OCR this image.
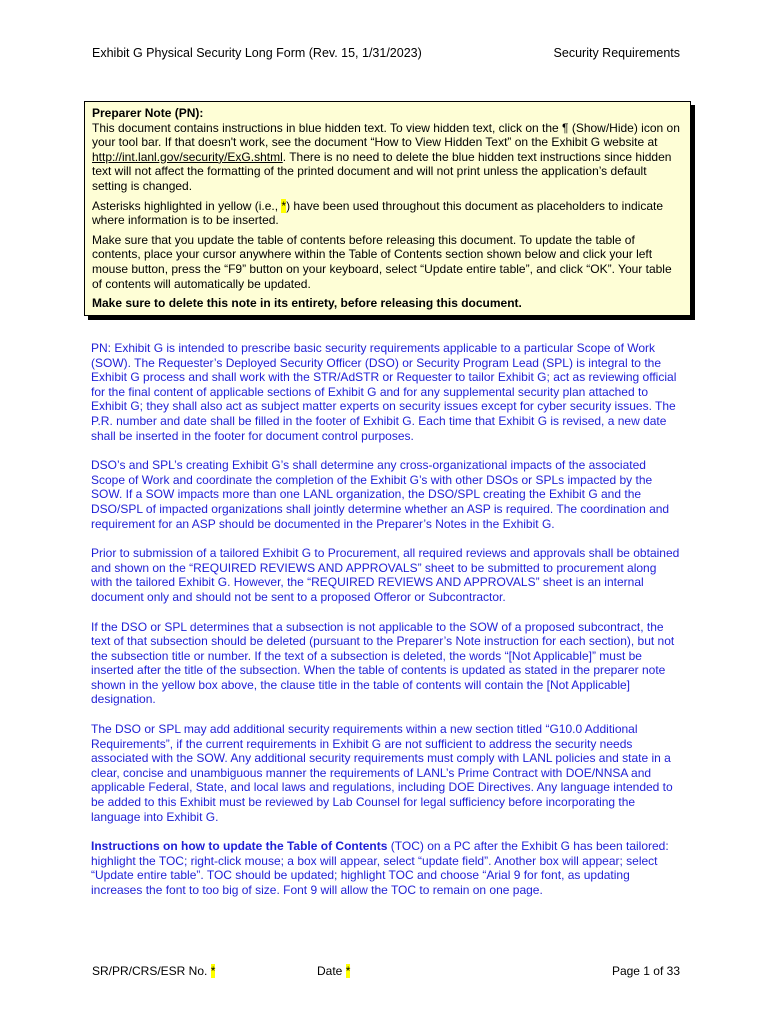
Exhibit G Physical Security Long Form (Rev. 15, 1/31/2023)	Security Requirements

Preparer Note (PN):

This document contains instructions in blue hidden text. To view hidden text, click on the ¶ (Show/Hide) icon on your tool bar. If that doesn't work, see the document “How to View Hidden Text” on the Exhibit G website at http://int.lanl.gov/security/ExG.shtml. There is no need to delete the blue hidden text instructions since hidden text will not affect the formatting of the printed document and will not print unless the application’s default setting is changed.

Asterisks highlighted in yellow (i.e., *) have been used throughout this document as placeholders to indicate where information is to be inserted.

Make sure that you update the table of contents before releasing this document. To update the table of contents, place your cursor anywhere within the Table of Contents section shown below and click your left mouse button, press the “F9” button on your keyboard, select “Update entire table”, and click “OK”. Your table of contents will automatically be updated.

Make sure to delete this note in its entirety, before releasing this document.

PN: Exhibit G is intended to prescribe basic security requirements applicable to a particular Scope of Work (SOW). The Requester’s Deployed Security Officer (DSO) or Security Program Lead (SPL) is integral to the Exhibit G process and shall work with the STR/AdSTR or Requester to tailor Exhibit G; act as reviewing official for the final content of applicable sections of Exhibit G and for any supplemental security plan attached to Exhibit G; they shall also act as subject matter experts on security issues except for cyber security issues. The P.R. number and date shall be filled in the footer of Exhibit G. Each time that Exhibit G is revised, a new date shall be inserted in the footer for document control purposes.

DSO’s and SPL’s creating Exhibit G’s shall determine any cross-organizational impacts of the associated Scope of Work and coordinate the completion of the Exhibit G’s with other DSOs or SPLs impacted by the SOW. If a SOW impacts more than one LANL organization, the DSO/SPL creating the Exhibit G and the DSO/SPL of impacted organizations shall jointly determine whether an ASP is required. The coordination and requirement for an ASP should be documented in the Preparer’s Notes in the Exhibit G.

Prior to submission of a tailored Exhibit G to Procurement, all required reviews and approvals shall be obtained and shown on the “REQUIRED REVIEWS AND APPROVALS” sheet to be submitted to procurement along with the tailored Exhibit G. However, the “REQUIRED REVIEWS AND APPROVALS” sheet is an internal document only and should not be sent to a proposed Offeror or Subcontractor.

If the DSO or SPL determines that a subsection is not applicable to the SOW of a proposed subcontract, the text of that subsection should be deleted (pursuant to the Preparer’s Note instruction for each section), but not the subsection title or number. If the text of a subsection is deleted, the words “[Not Applicable]” must be inserted after the title of the subsection. When the table of contents is updated as stated in the preparer note shown in the yellow box above, the clause title in the table of contents will contain the [Not Applicable] designation.

The DSO or SPL may add additional security requirements within a new section titled “G10.0 Additional Requirements”, if the current requirements in Exhibit G are not sufficient to address the security needs associated with the SOW. Any additional security requirements must comply with LANL policies and state in a clear, concise and unambiguous manner the requirements of LANL’s Prime Contract with DOE/NNSA and applicable Federal, State, and local laws and regulations, including DOE Directives. Any language intended to be added to this Exhibit must be reviewed by Lab Counsel for legal sufficiency before incorporating the language into Exhibit G.

Instructions on how to update the Table of Contents (TOC) on a PC after the Exhibit G has been tailored: highlight the TOC; right-click mouse; a box will appear, select “update field”. Another box will appear; select “Update entire table”. TOC should be updated; highlight TOC and choose “Arial 9 for font, as updating increases the font to too big of size. Font 9 will allow the TOC to remain on one page.

SR/PR/CRS/ESR No. *	Date *	Page 1 of 33
